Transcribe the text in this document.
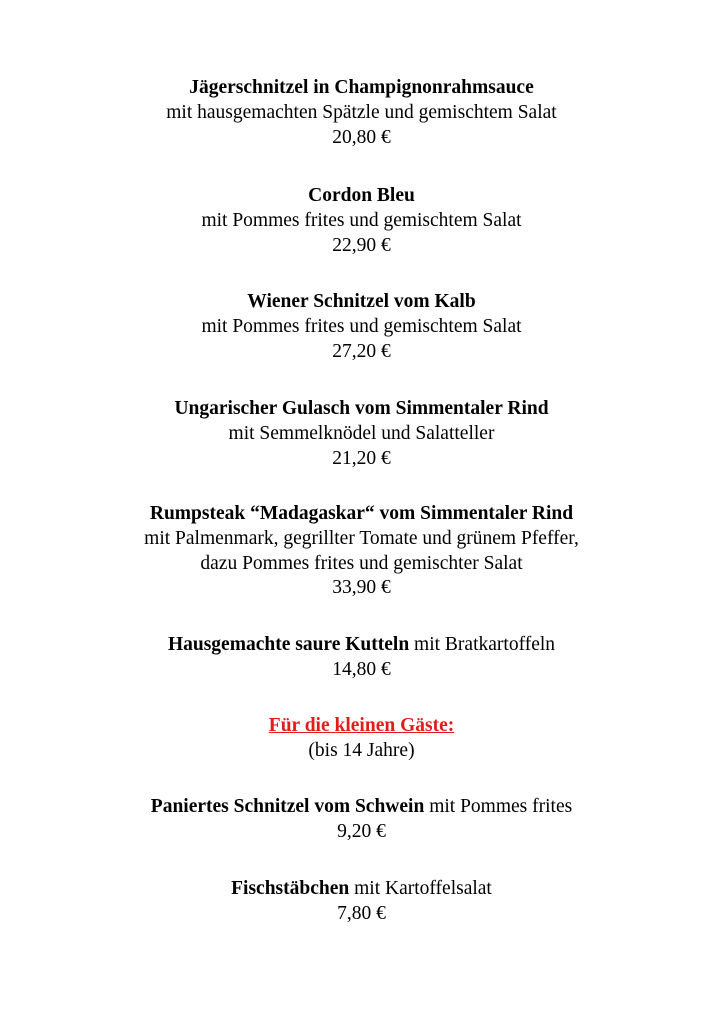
Jägerschnitzel in Champignonrahmsauce
mit hausgemachten Spätzle und gemischtem Salat
20,80 €
Cordon Bleu
mit Pommes frites und gemischtem Salat
22,90 €
Wiener Schnitzel vom Kalb
mit Pommes frites und gemischtem Salat
27,20 €
Ungarischer Gulasch vom Simmentaler Rind
mit Semmelknödel und Salatteller
21,20 €
Rumpsteak “Madagaskar“ vom Simmentaler Rind
mit Palmenmark, gegrillter Tomate und grünem Pfeffer,
dazu Pommes frites und gemischter Salat
33,90 €
Hausgemachte saure Kutteln mit Bratkartoffeln
14,80 €
Für die kleinen Gäste:
(bis 14 Jahre)
Paniertes Schnitzel vom Schwein mit Pommes frites
9,20 €
Fischstäbchen mit Kartoffelsalat
7,80 €
